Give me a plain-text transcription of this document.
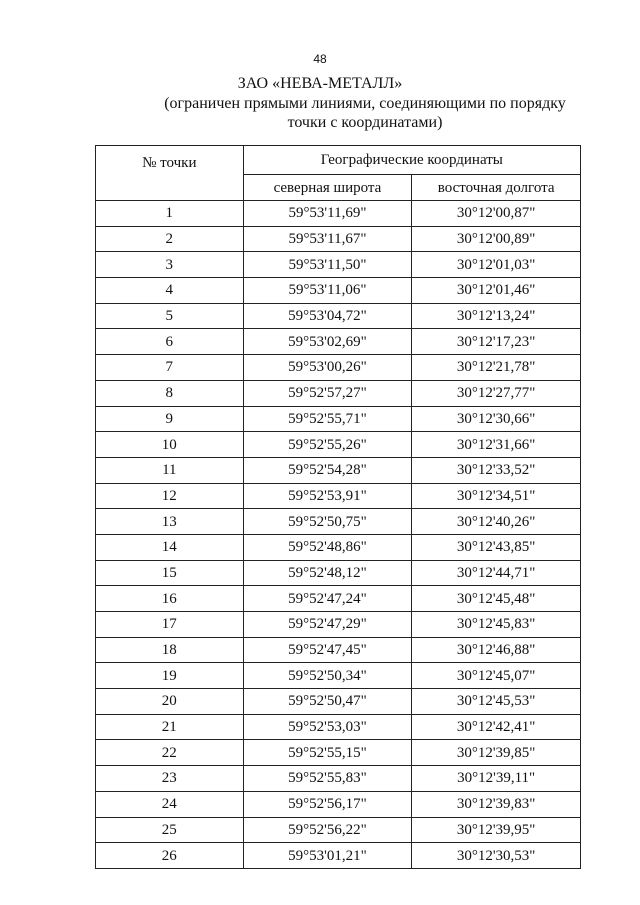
48
ЗАО «НЕВА-МЕТАЛЛ»
(ограничен прямыми линиями, соединяющими по порядку точки с координатами)
№ точки	Географические координаты	
	северная широта	восточная долгота
1	59°53'11,69"	30°12'00,87"
2	59°53'11,67"	30°12'00,89"
3	59°53'11,50"	30°12'01,03"
4	59°53'11,06"	30°12'01,46"
5	59°53'04,72"	30°12'13,24"
6	59°53'02,69"	30°12'17,23"
7	59°53'00,26"	30°12'21,78"
8	59°52'57,27"	30°12'27,77"
9	59°52'55,71"	30°12'30,66"
10	59°52'55,26"	30°12'31,66"
11	59°52'54,28"	30°12'33,52"
12	59°52'53,91"	30°12'34,51"
13	59°52'50,75"	30°12'40,26"
14	59°52'48,86"	30°12'43,85"
15	59°52'48,12"	30°12'44,71"
16	59°52'47,24"	30°12'45,48"
17	59°52'47,29"	30°12'45,83"
18	59°52'47,45"	30°12'46,88"
19	59°52'50,34"	30°12'45,07"
20	59°52'50,47"	30°12'45,53"
21	59°52'53,03"	30°12'42,41"
22	59°52'55,15"	30°12'39,85"
23	59°52'55,83"	30°12'39,11"
24	59°52'56,17"	30°12'39,83"
25	59°52'56,22"	30°12'39,95"
26	59°53'01,21"	30°12'30,53"
